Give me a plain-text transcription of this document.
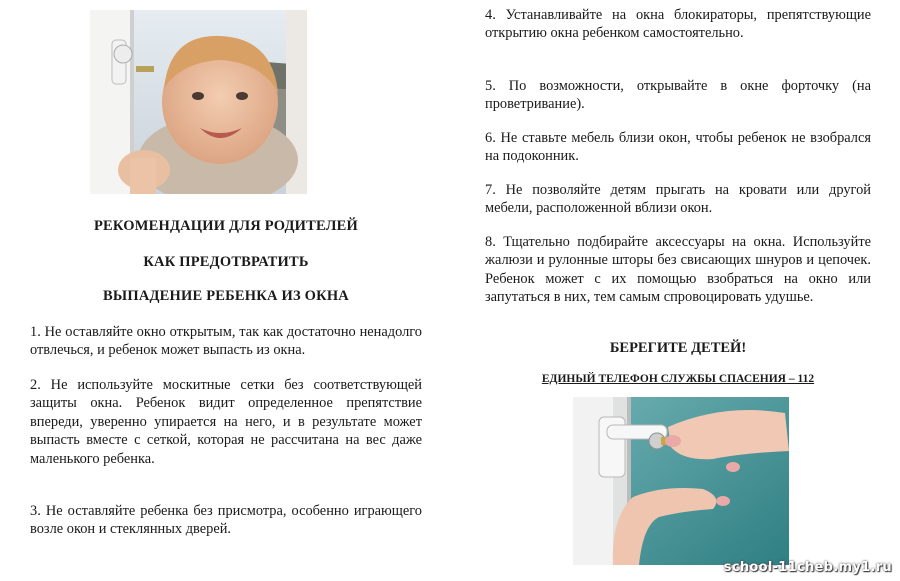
РЕКОМЕНДАЦИИ ДЛЯ РОДИТЕЛЕЙ
КАК ПРЕДОТВРАТИТЬ
ВЫПАДЕНИЕ РЕБЕНКА ИЗ ОКНА

1. Не оставляйте окно открытым, так как достаточно ненадолго отвлечься, и ребенок может выпасть из окна.

2. Не используйте москитные сетки без соответствующей защиты окна. Ребенок видит определенное препятствие впереди, уверенно упирается на него, и в результате может выпасть вместе с сеткой, которая не рассчитана на вес даже маленького ребенка.

3. Не оставляйте ребенка без присмотра, особенно играющего возле окон и стеклянных дверей.

4. Устанавливайте на окна блокираторы, препятствующие открытию окна ребенком самостоятельно.

5. По возможности, открывайте в окне форточку (на проветривание).

6. Не ставьте мебель близи окон, чтобы ребенок не взобрался на подоконник.

7. Не позволяйте детям прыгать на кровати или другой мебели, расположенной вблизи окон.

8. Тщательно подбирайте аксессуары на окна. Используйте жалюзи и рулонные шторы без свисающих шнуров и цепочек. Ребенок может с их помощью взобраться на окно или запутаться в них, тем самым спровоцировать удушье.

БЕРЕГИТЕ ДЕТЕЙ!
ЕДИНЫЙ ТЕЛЕФОН СЛУЖБЫ СПАСЕНИЯ – 112
school-11cheb.my1.ru
